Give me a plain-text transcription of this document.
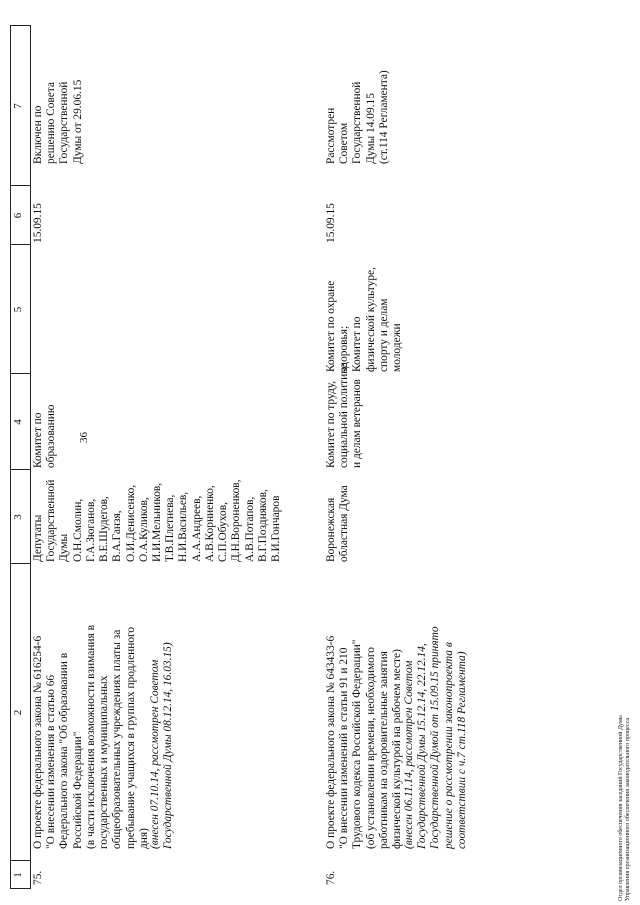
36
1
2
3
4
5
6
7
75.
О проекте федерального закона № 616254-6
"О внесении изменения в статью 66
Федерального закона "Об образовании в
Российской Федерации"
(в части исключения возможности взимания в
государственных и муниципальных
общеобразовательных учреждениях платы за
пребывание учащихся в группах продленного
дня) (внесен 07.10.14, рассмотрен Советом
Государственной Думы 08.12.14, 16.03.15)
Депутаты
Государственной
Думы
О.Н.Смолин,
Г.А.Зюганов,
В.Е.Шудегов,
В.А.Ганзя,
О.И.Денисенко,
О.А.Куликов,
И.И.Мельников,
Т.В.Плетнева,
Н.И.Васильев,
А.А.Андреев,
А.В.Корниенко,
С.П.Обухов,
Д.Н.Вороненков,
А.В.Потапов,
В.Г.Поздняков,
В.И.Гончаров
Комитет по
образованию
15.09.15
Включен по
решению Совета
Государственной
Думы от 29.06.15
76.
О проекте федерального закона № 643433-6
"О внесении изменений в статьи 91 и 210
Трудового кодекса Российской Федерации"
(об установлении времени, необходимого
работникам на оздоровительные занятия
физической культурой на рабочем месте)
(внесен 06.11.14, рассмотрен Советом
Государственной Думы 15.12.14, 22.12.14,
Государственной Думой от 15.09.15 принято
решение о рассмотрении законопроекта в
соответствии с ч.7 ст.118 Регламента)
Воронежская
областная Дума
Комитет по труду,
социальной политике
и делам ветеранов
Комитет по охране
здоровья;
Комитет по
физической культуре,
спорту и делам
молодежи
15.09.15
Рассмотрен
Советом
Государственной
Думы 14.09.15
(ст.114 Регламента)
Отдел организационного обеспечения заседаний Государственной Думы Управления организационного обеспечения законодательного процесса
